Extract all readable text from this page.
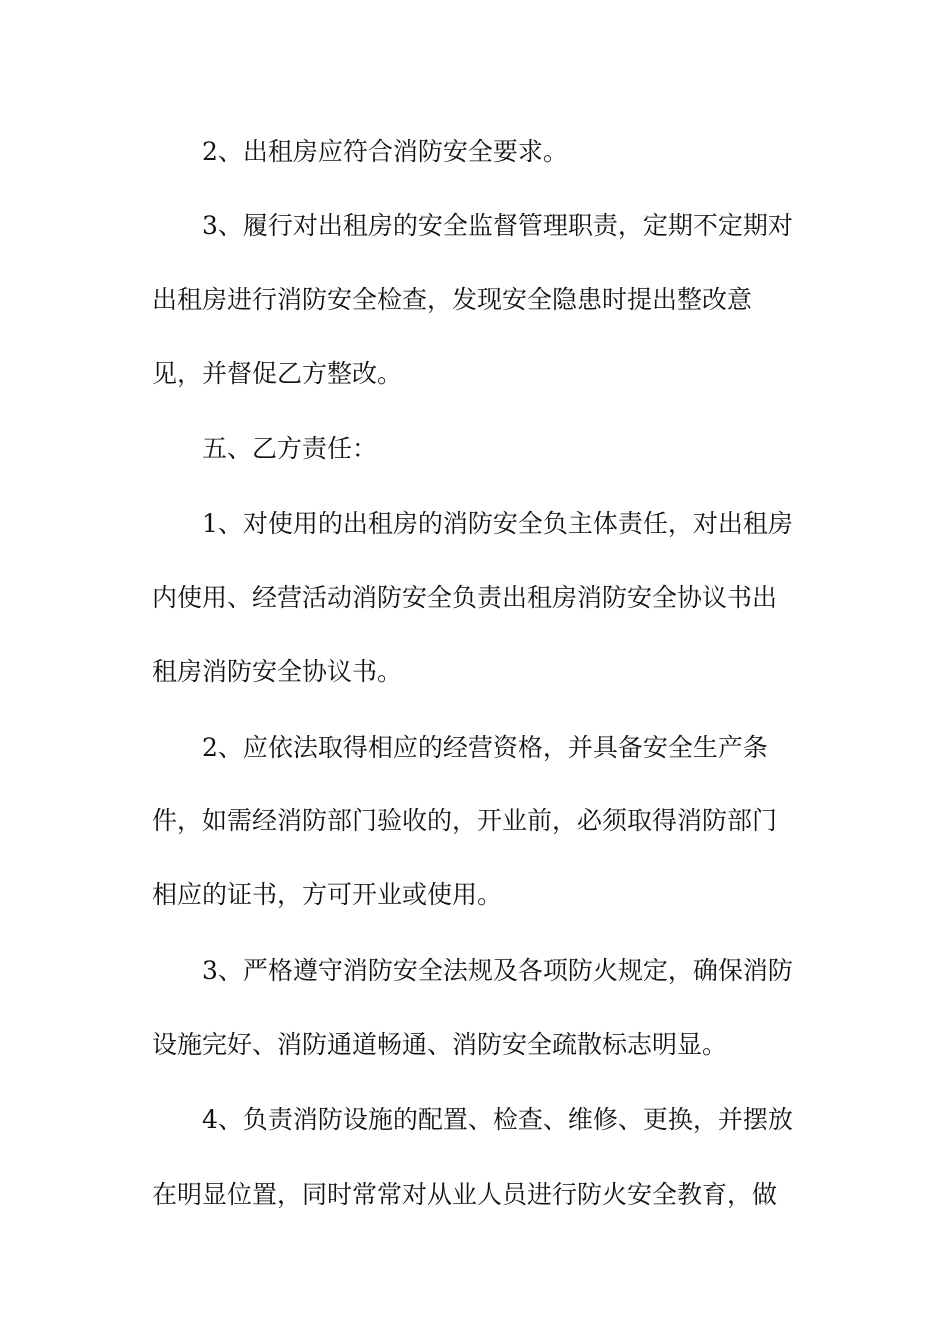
2、出租房应符合消防安全要求。
3、履行对出租房的安全监督管理职责，定期不定期对
出租房进行消防安全检查，发现安全隐患时提出整改意
见，并督促乙方整改。
五、乙方责任：
1、对使用的出租房的消防安全负主体责任，对出租房
内使用、经营活动消防安全负责出租房消防安全协议书出
租房消防安全协议书。
2、应依法取得相应的经营资格，并具备安全生产条
件，如需经消防部门验收的，开业前，必须取得消防部门
相应的证书，方可开业或使用。
3、严格遵守消防安全法规及各项防火规定，确保消防
设施完好、消防通道畅通、消防安全疏散标志明显。
4、负责消防设施的配置、检查、维修、更换，并摆放
在明显位置，同时常常对从业人员进行防火安全教育，做
